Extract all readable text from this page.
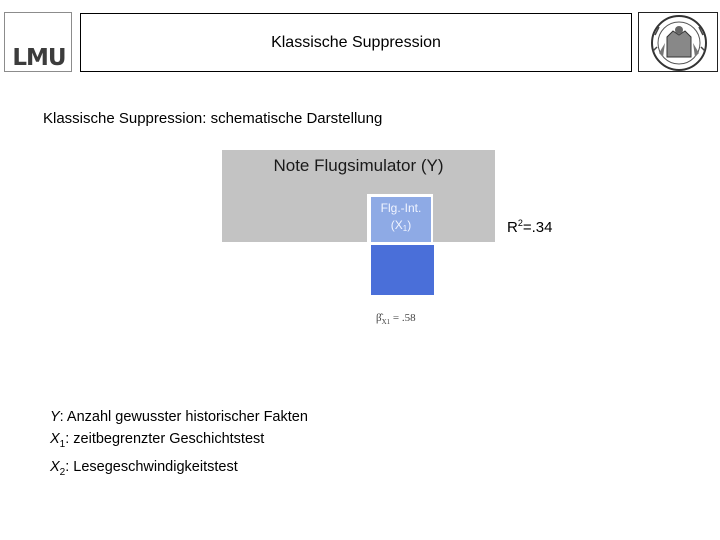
LMU
Klassische Suppression
Klassische Suppression: schematische Darstellung
Note Flugsimulator (Y)
Flg.-Int.
$(X_1)$	$R^2=.34$
$\betâ_{X1} = .58$
Y: Anzahl gewusster historischer Fakten
$X_1$: zeitbegrenzter Geschichtstest
$X_2$: Lesegeschwindigkeitstest
